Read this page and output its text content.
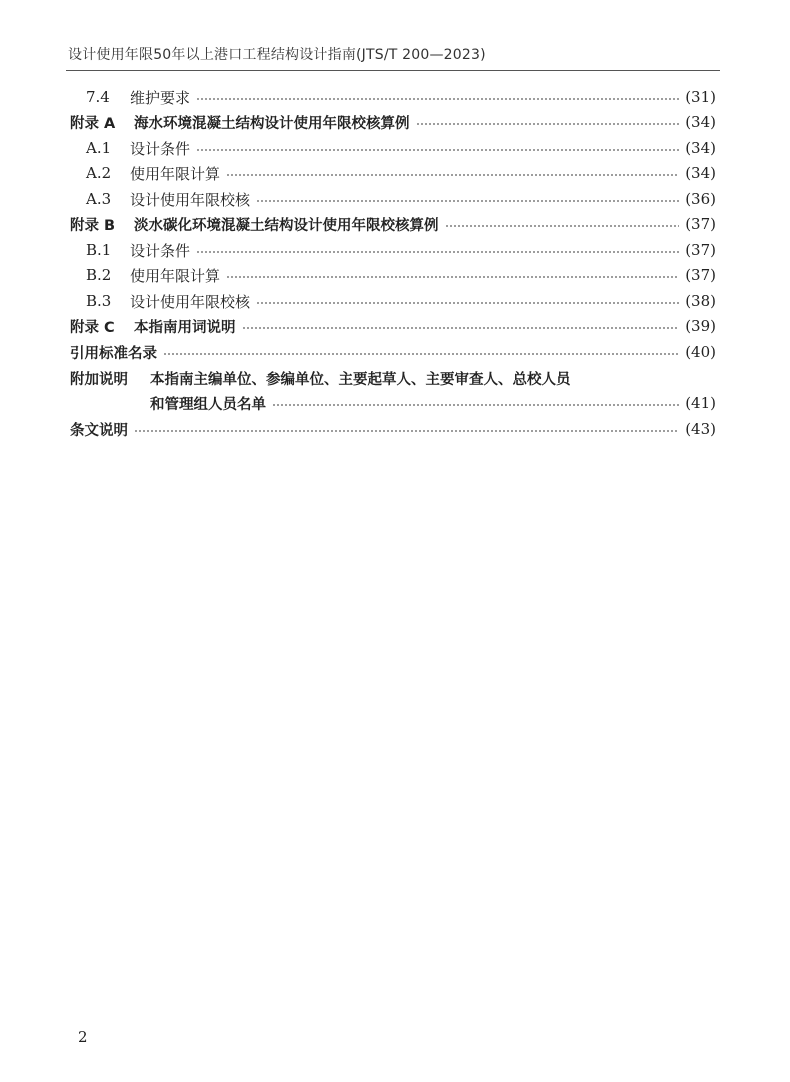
设计使用年限50年以上港口工程结构设计指南(JTS/T 200—2023)
7.4	维护要求	(31)
附录 A	海水环境混凝土结构设计使用年限校核算例	(34)
A.1	设计条件	(34)
A.2	使用年限计算	(34)
A.3	设计使用年限校核	(36)
附录 B	淡水碳化环境混凝土结构设计使用年限校核算例	(37)
B.1	设计条件	(37)
B.2	使用年限计算	(37)
B.3	设计使用年限校核	(38)
附录 C	本指南用词说明	(39)
引用标准名录	(40)
附加说明	本指南主编单位、参编单位、主要起草人、主要审查人、总校人员
和管理组人员名单	(41)
条文说明	(43)
2
